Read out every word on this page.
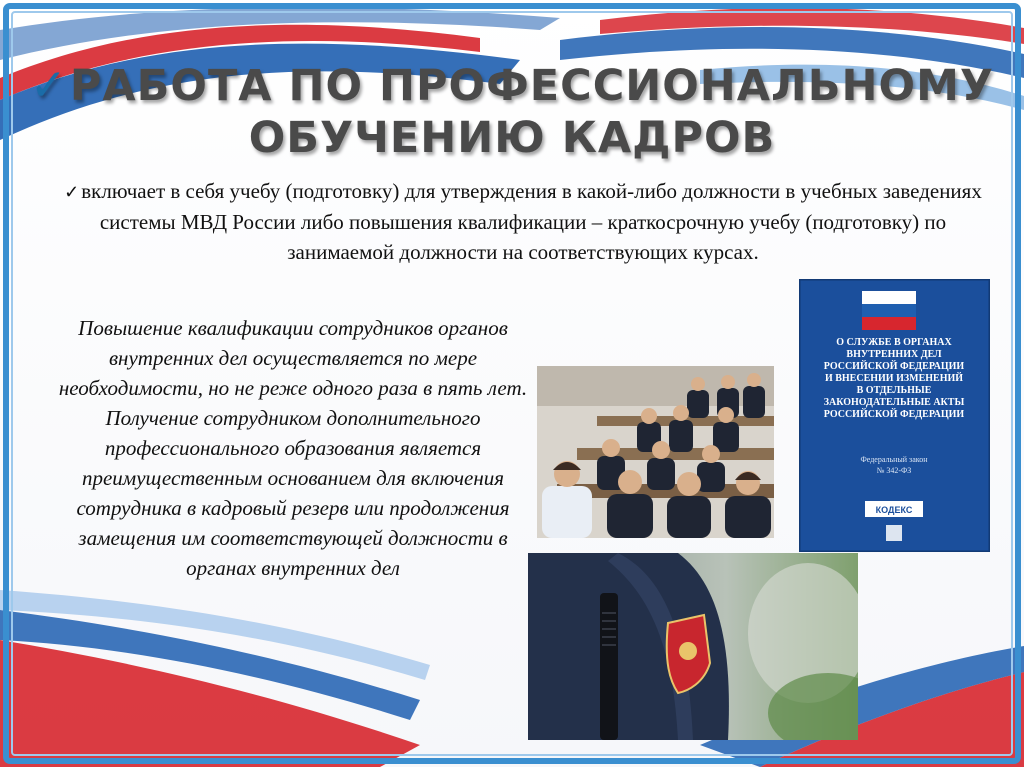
✓РАБОТА ПО ПРОФЕССИОНАЛЬНОМУ
ОБУЧЕНИЮ КАДРОВ

✓включает в себя учебу (подготовку) для утверждения в какой-либо должности в учебных заведениях системы МВД России либо повышения квалификации – краткосрочную учебу (подготовку) по занимаемой должности на соответствующих курсах.

Повышение квалификации сотрудников органов внутренних дел осуществляется по мере необходимости, но не реже одного раза в пять лет. Получение сотрудником дополнительного профессионального образования является преимущественным основанием для включения сотрудника в кадровый резерв или продолжения замещения им соответствующей должности в органах внутренних дел

О СЛУЖБЕ В ОРГАНАХ
ВНУТРЕННИХ ДЕЛ
РОССИЙСКОЙ ФЕДЕРАЦИИ
И ВНЕСЕНИИ ИЗМЕНЕНИЙ
В ОТДЕЛЬНЫЕ
ЗАКОНОДАТЕЛЬНЫЕ АКТЫ
РОССИЙСКОЙ ФЕДЕРАЦИИ
Федеральный закон
№ 342-ФЗ
КОДЕКС
